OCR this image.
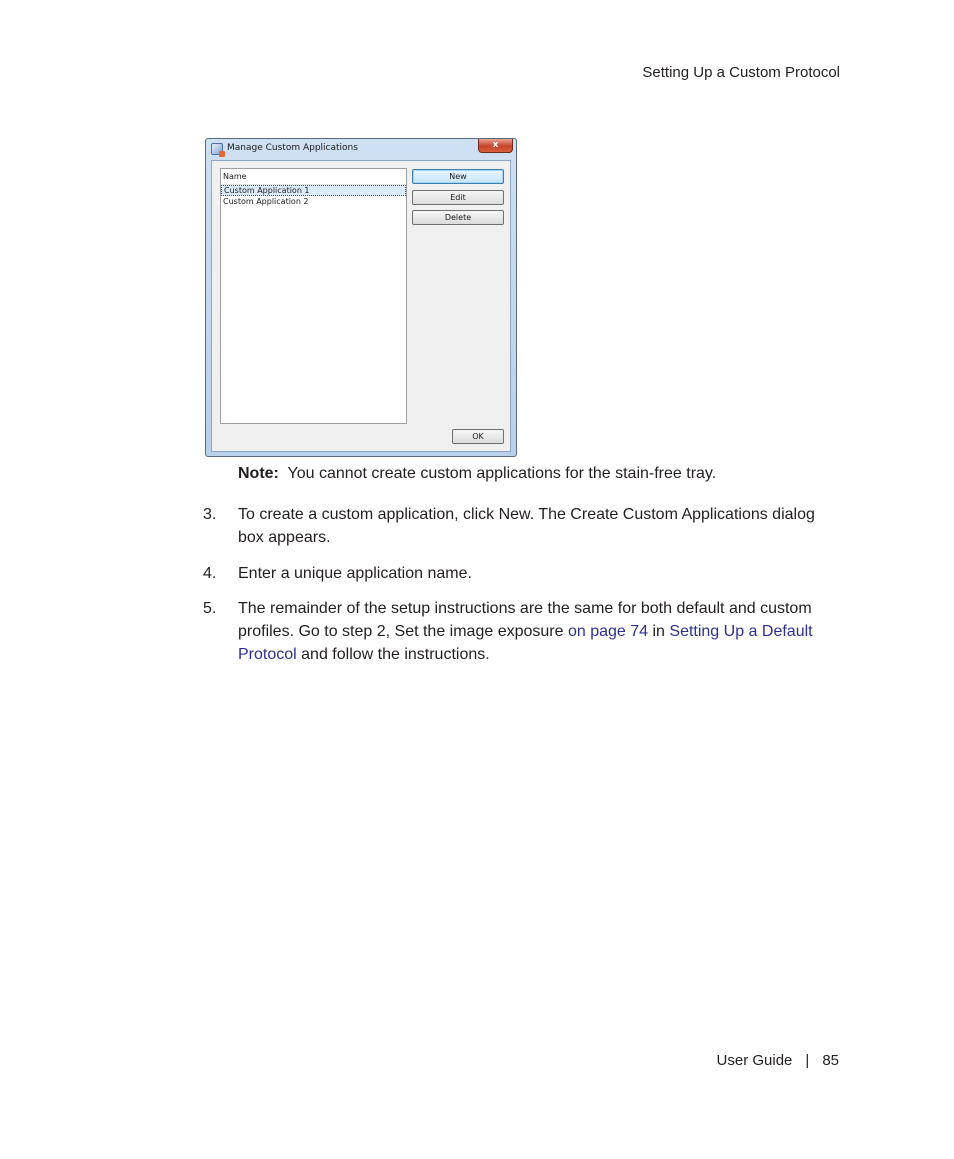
Setting Up a Custom Protocol
Manage Custom Applications	x
Name
Custom Application 1
Custom Application 2
New
Edit
Delete
OK
Note: You cannot create custom applications for the stain-free tray.
3. To create a custom application, click New. The Create Custom Applications dialog box appears.
4. Enter a unique application name.
5. The remainder of the setup instructions are the same for both default and custom profiles. Go to step 2, Set the image exposure on page 74 in Setting Up a Default Protocol and follow the instructions.
User Guide | 85
